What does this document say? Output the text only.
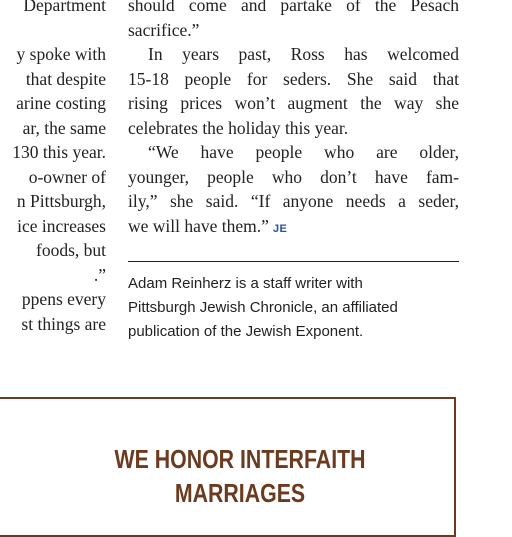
Department
y spoke with
that despite
arine costing
ar, the same
130 this year.
o-owner of
n Pittsburgh,
ice increases
foods, but
.”
ppens every
st things are
should come and partake of the Pesach
sacrifice.”
In years past, Ross has welcomed
15-18 people for seders. She said that
rising prices won’t augment the way she
celebrates the holiday this year.
“We have people who are older,
younger, people who don’t have fam-
ily,” she said. “If anyone needs a seder,
we will have them.” JE
Adam Reinherz is a staff writer with
Pittsburgh Jewish Chronicle, an affiliated
publication of the Jewish Exponent.
WE HONOR INTERFAITH
MARRIAGES
